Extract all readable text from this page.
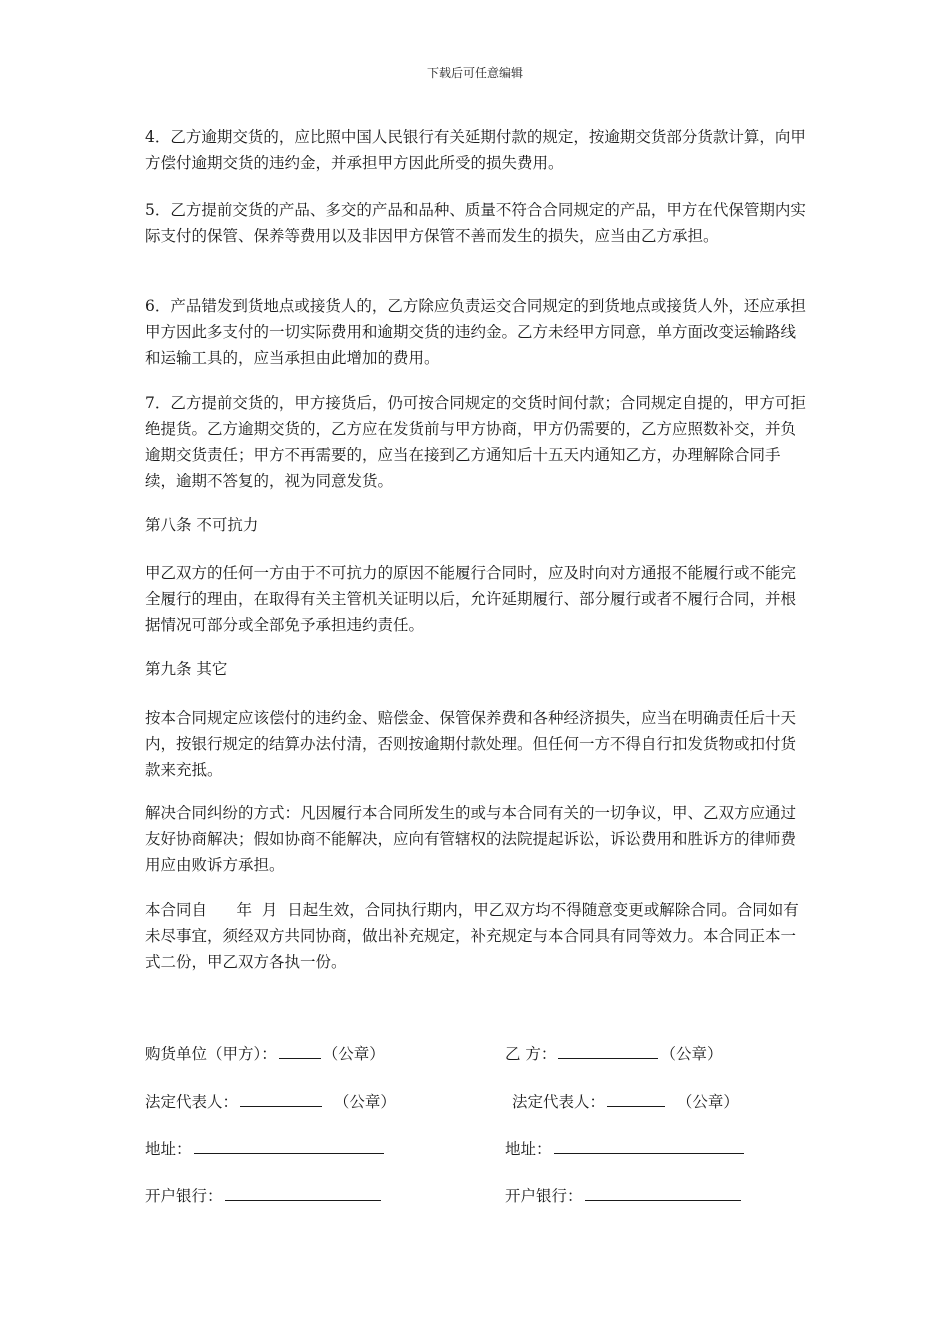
下载后可任意编辑

4．乙方逾期交货的，应比照中国人民银行有关延期付款的规定，按逾期交货部分货款计算，向甲方偿付逾期交货的违约金，并承担甲方因此所受的损失费用。

5．乙方提前交货的产品、多交的产品和品种、质量不符合合同规定的产品，甲方在代保管期内实际支付的保管、保养等费用以及非因甲方保管不善而发生的损失，应当由乙方承担。

6．产品错发到货地点或接货人的，乙方除应负责运交合同规定的到货地点或接货人外，还应承担甲方因此多支付的一切实际费用和逾期交货的违约金。乙方未经甲方同意，单方面改变运输路线和运输工具的，应当承担由此增加的费用。

7．乙方提前交货的，甲方接货后，仍可按合同规定的交货时间付款；合同规定自提的，甲方可拒绝提货。乙方逾期交货的，乙方应在发货前与甲方协商，甲方仍需要的，乙方应照数补交，并负逾期交货责任；甲方不再需要的，应当在接到乙方通知后十五天内通知乙方，办理解除合同手续，逾期不答复的，视为同意发货。

第八条 不可抗力

甲乙双方的任何一方由于不可抗力的原因不能履行合同时，应及时向对方通报不能履行或不能完全履行的理由，在取得有关主管机关证明以后，允许延期履行、部分履行或者不履行合同，并根据情况可部分或全部免予承担违约责任。

第九条 其它

按本合同规定应该偿付的违约金、赔偿金、保管保养费和各种经济损失，应当在明确责任后十天内，按银行规定的结算办法付清，否则按逾期付款处理。但任何一方不得自行扣发货物或扣付货款来充抵。

解决合同纠纷的方式：凡因履行本合同所发生的或与本合同有关的一切争议，甲、乙双方应通过友好协商解决；假如协商不能解决，应向有管辖权的法院提起诉讼，诉讼费用和胜诉方的律师费用应由败诉方承担。

本合同自      年  月  日起生效，合同执行期内，甲乙双方均不得随意变更或解除合同。合同如有未尽事宜，须经双方共同协商，做出补充规定，补充规定与本合同具有同等效力。本合同正本一式二份，甲乙双方各执一份。

购货单位（甲方）：	（公章）	乙 方：	（公章）
法定代表人：	（公章）	法定代表人：	（公章）
地址：	地址：
开户银行：	开户银行：
